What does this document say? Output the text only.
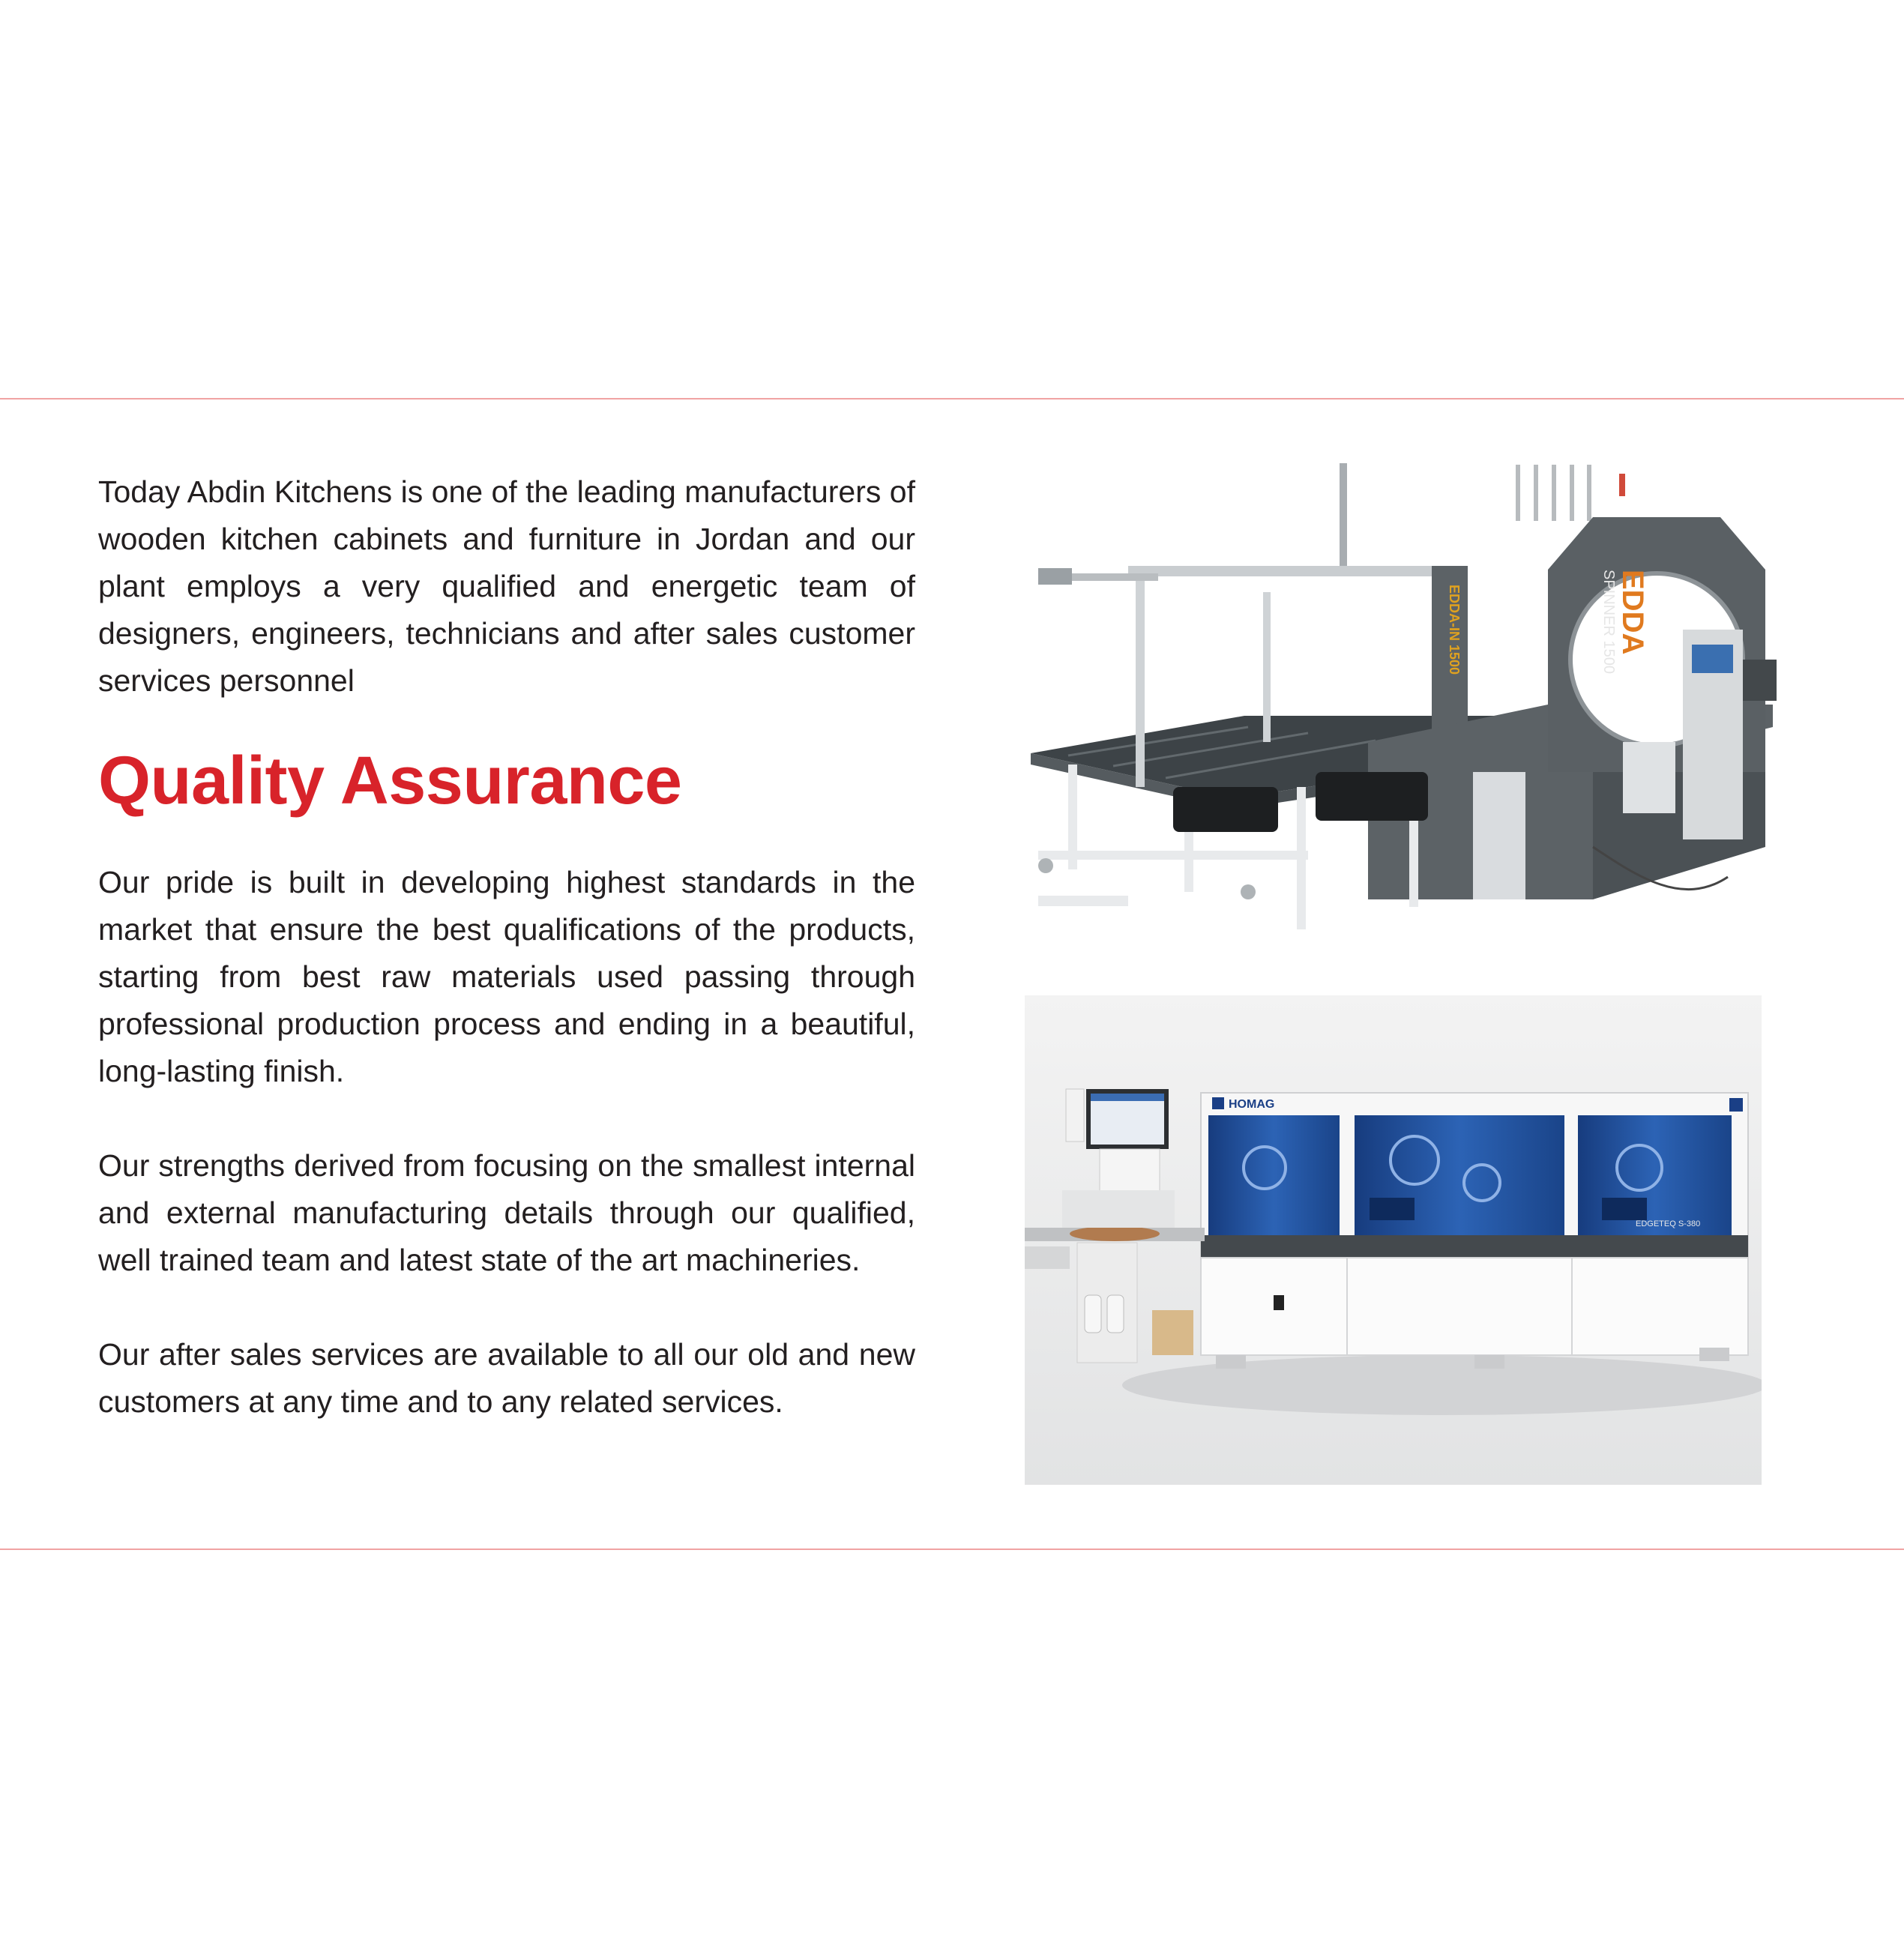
Today Abdin Kitchens is one of the leading manufacturers of wooden kitchen cabinets and furniture in Jordan and our plant employs a very qualified and energetic team of designers, engineers, technicians and after sales customer services personnel

Quality Assurance

Our pride is built in developing highest standards in the market that ensure the best qualifications of the products, starting from best raw materials used passing through professional production process and ending in a beautiful, long-lasting finish.

Our strengths derived from focusing on the smallest internal and external manufacturing details through our qualified, well trained team and latest state of the art machineries.

Our after sales services are available to all our old and new customers at any time and to any related services.

EDDA-IN 1500	EDDA
SPINNER 1500
HOMAG
EDGETEQ S-380
